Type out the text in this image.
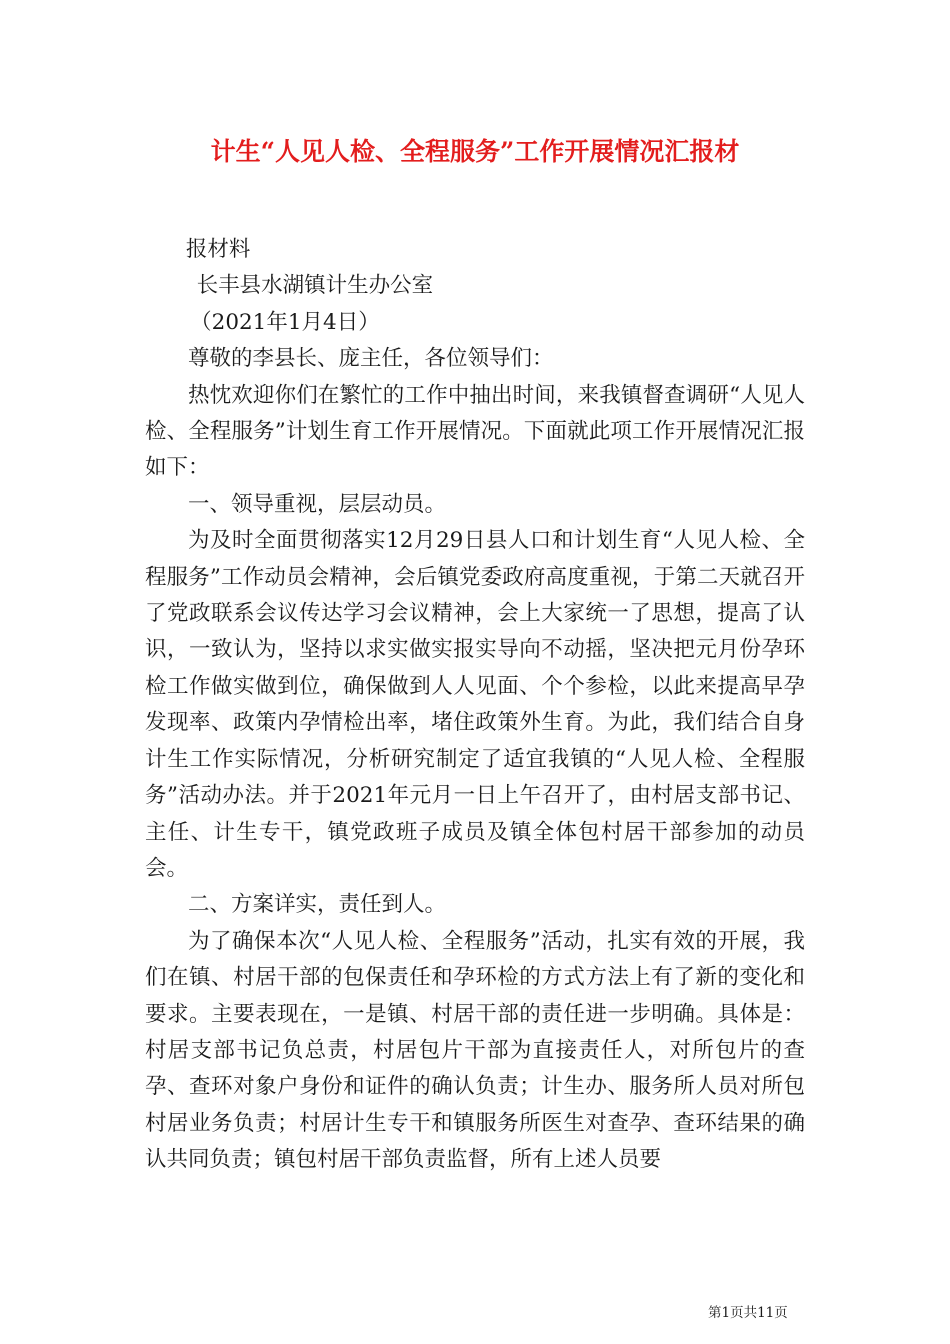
计生“人见人检、全程服务”工作开展情况汇报材

报材料

长丰县水湖镇计生办公室

（2021年1月4日）

尊敬的李县长、庞主任，各位领导们：

热忱欢迎你们在繁忙的工作中抽出时间，来我镇督查调研“人见人检、全程服务”计划生育工作开展情况。下面就此项工作开展情况汇报如下：

一、领导重视，层层动员。

为及时全面贯彻落实12月29日县人口和计划生育“人见人检、全程服务”工作动员会精神，会后镇党委政府高度重视，于第二天就召开了党政联系会议传达学习会议精神，会上大家统一了思想，提高了认识，一致认为，坚持以求实做实报实导向不动摇，坚决把元月份孕环检工作做实做到位，确保做到人人见面、个个参检，以此来提高早孕发现率、政策内孕情检出率，堵住政策外生育。为此，我们结合自身计生工作实际情况，分析研究制定了适宜我镇的“人见人检、全程服务”活动办法。并于2021年元月一日上午召开了，由村居支部书记、主任、计生专干，镇党政班子成员及镇全体包村居干部参加的动员会。

二、方案详实，责任到人。

为了确保本次“人见人检、全程服务”活动，扎实有效的开展，我们在镇、村居干部的包保责任和孕环检的方式方法上有了新的变化和要求。主要表现在，一是镇、村居干部的责任进一步明确。具体是：村居支部书记负总责，村居包片干部为直接责任人，对所包片的查孕、查环对象户身份和证件的确认负责；计生办、服务所人员对所包村居业务负责；村居计生专干和镇服务所医生对查孕、查环结果的确认共同负责；镇包村居干部负责监督，所有上述人员要

第1页共11页
